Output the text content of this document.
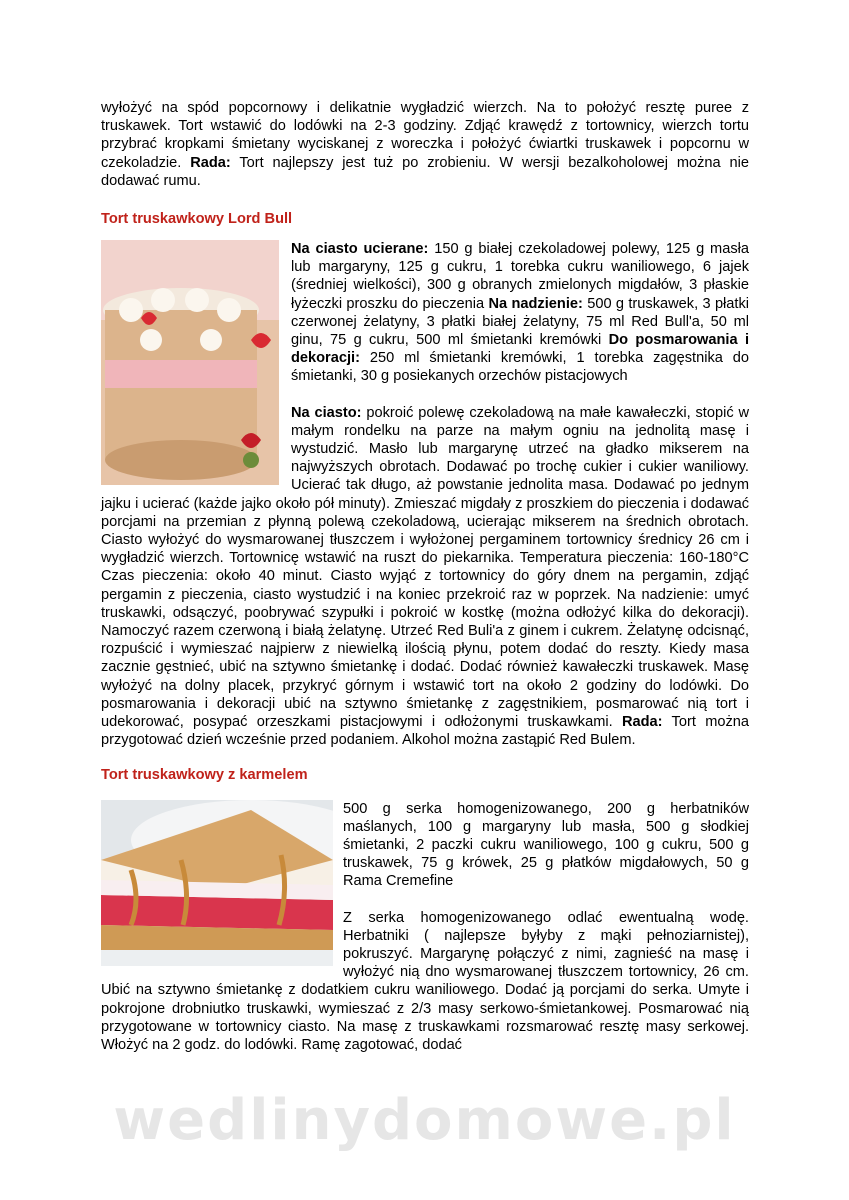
wyłożyć na spód popcornowy i delikatnie wygładzić wierzch. Na to położyć resztę puree z truskawek. Tort wstawić do lodówki na 2-3 godziny. Zdjąć krawędź z tortownicy, wierzch tortu przybrać kropkami śmietany wyciskanej z woreczka i położyć ćwiartki truskawek i popcornu w czekoladzie. Rada: Tort najlepszy jest tuż po zrobieniu. W wersji bezalkoholowej można nie dodawać rumu.

Tort truskawkowy Lord Bull

Na ciasto ucierane: 150 g białej czekoladowej polewy, 125 g masła lub margaryny, 125 g cukru, 1 torebka cukru waniliowego, 6 jajek (średniej wielkości), 300 g obranych zmielonych migdałów, 3 płaskie łyżeczki proszku do pieczenia Na nadzienie: 500 g truskawek, 3 płatki czerwonej żelatyny, 3 płatki białej żelatyny, 75 ml Red Bull'a, 50 ml ginu, 75 g cukru, 500 ml śmietanki kremówki Do posmarowania i dekoracji: 250 ml śmietanki kremówki, 1 torebka zagęstnika do śmietanki, 30 g posiekanych orzechów pistacjowych

Na ciasto: pokroić polewę czekoladową na małe kawałeczki, stopić w małym rondelku na parze na małym ogniu na jednolitą masę i wystudzić. Masło lub margarynę utrzeć na gładko mikserem na najwyższych obrotach. Dodawać po trochę cukier i cukier waniliowy. Ucierać tak długo, aż powstanie jednolita masa. Dodawać po jednym jajku i ucierać (każde jajko około pół minuty). Zmieszać migdały z proszkiem do pieczenia i dodawać porcjami na przemian z płynną polewą czekoladową, ucierając mikserem na średnich obrotach. Ciasto wyłożyć do wysmarowanej tłuszczem i wyłożonej pergaminem tortownicy średnicy 26 cm i wygładzić wierzch. Tortownicę wstawić na ruszt do piekarnika. Temperatura pieczenia: 160-180°C Czas pieczenia: około 40 minut. Ciasto wyjąć z tortownicy do góry dnem na pergamin, zdjąć pergamin z pieczenia, ciasto wystudzić i na koniec przekroić raz w poprzek. Na nadzienie: umyć truskawki, odsączyć, poobrywać szypułki i pokroić w kostkę (można odłożyć kilka do dekoracji). Namoczyć razem czerwoną i białą żelatynę. Utrzeć Red Buli'a z ginem i cukrem. Żelatynę odcisnąć, rozpuścić i wymieszać najpierw z niewielką ilością płynu, potem dodać do reszty. Kiedy masa zacznie gęstnieć, ubić na sztywno śmietankę i dodać. Dodać również kawałeczki truskawek. Masę wyłożyć na dolny placek, przykryć górnym i wstawić tort na około 2 godziny do lodówki. Do posmarowania i dekoracji ubić na sztywno śmietankę z zagęstnikiem, posmarować nią tort i udekorować, posypać orzeszkami pistacjowymi i odłożonymi truskawkami. Rada: Tort można przygotować dzień wcześnie przed podaniem. Alkohol można zastąpić Red Bulem.

Tort truskawkowy z karmelem

500 g serka homogenizowanego, 200 g herbatników maślanych, 100 g margaryny lub masła, 500 g słodkiej śmietanki, 2 paczki cukru waniliowego, 100 g cukru, 500 g truskawek, 75 g krówek, 25 g płatków migdałowych, 50 g Rama Cremefine

Z serka homogenizowanego odlać ewentualną wodę. Herbatniki ( najlepsze byłyby z mąki pełnoziarnistej), pokruszyć. Margarynę połączyć z nimi, zagnieść na masę i wyłożyć nią dno wysmarowanej tłuszczem tortownicy, 26 cm. Ubić na sztywno śmietankę z dodatkiem cukru waniliowego. Dodać ją porcjami do serka. Umyte i pokrojone drobniutko truskawki, wymieszać z 2/3 masy serkowo-śmietankowej. Posmarować nią przygotowane w tortownicy ciasto. Na masę z truskawkami rozsmarować resztę masy serkowej. Włożyć na 2 godz. do lodówki. Ramę zagotować, dodać

wedlinydomowe.pl
